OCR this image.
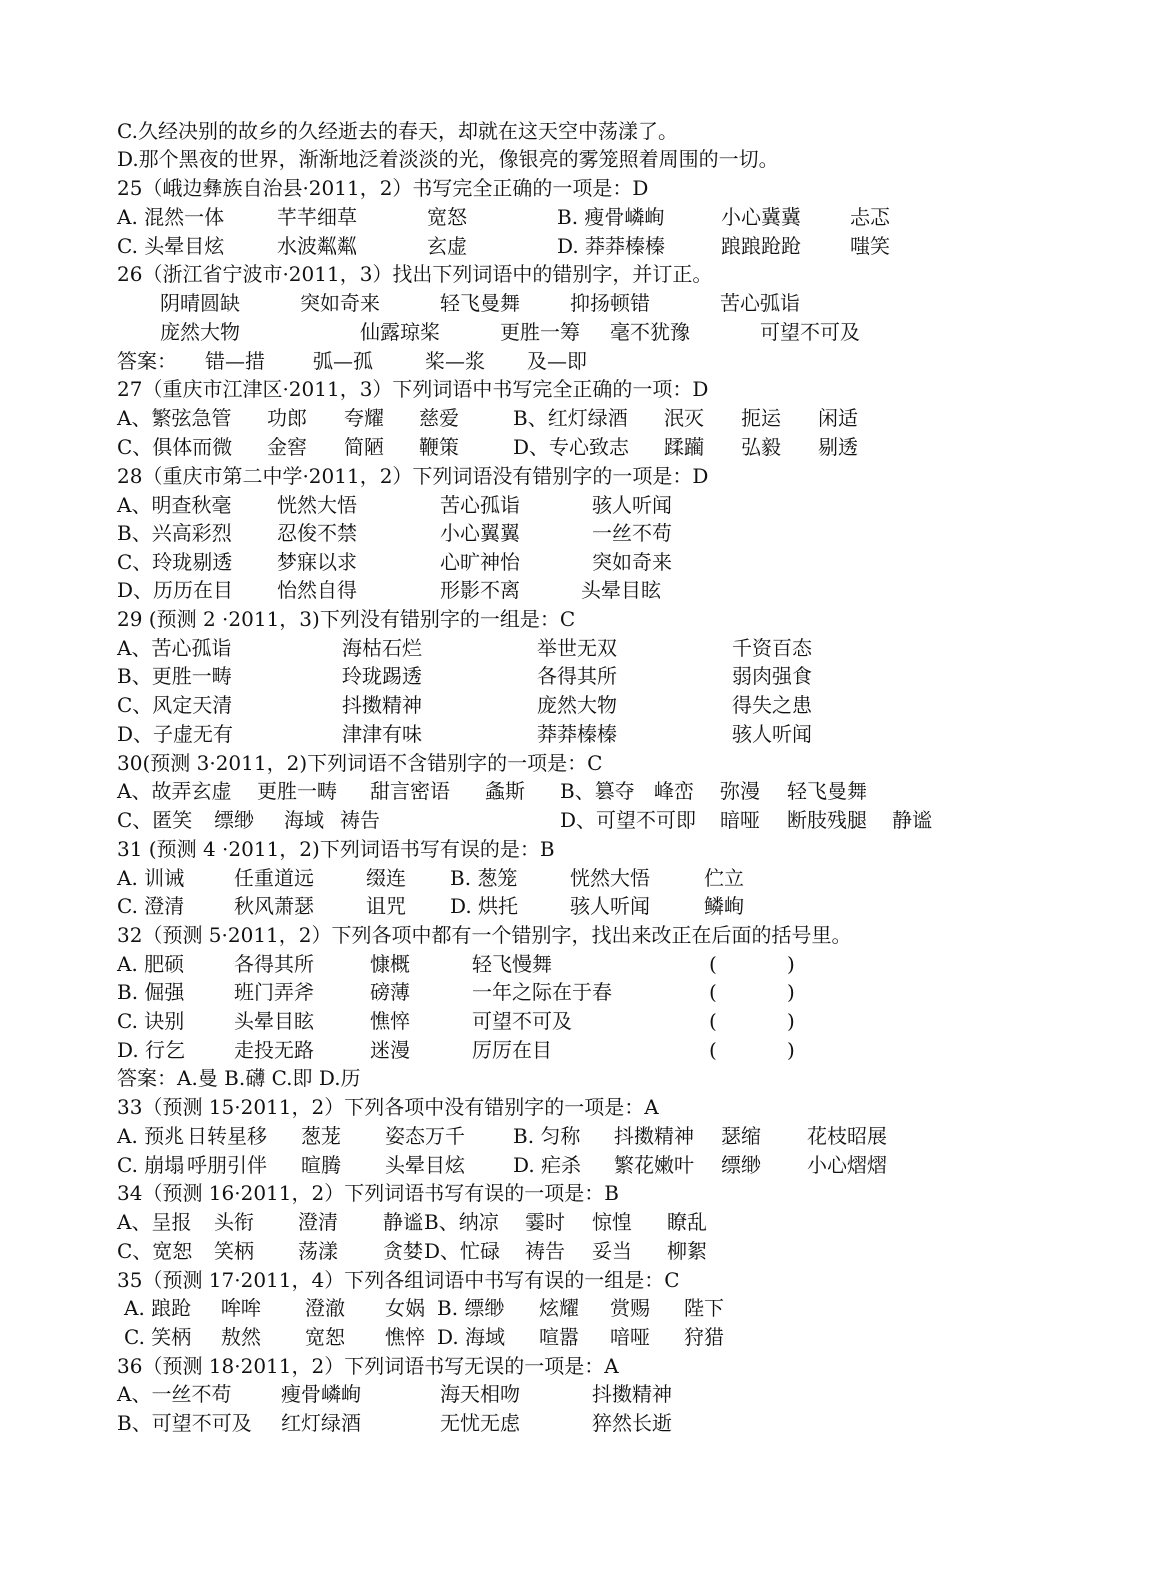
C.久经决别的故乡的久经逝去的春天，却就在这天空中荡漾了。
D.那个黑夜的世界，渐渐地泛着淡淡的光，像银亮的雾笼照着周围的一切。
25（峨边彝族自治县·2011，2）书写完全正确的一项是：D
A. 混然一体	芊芊细草	宽怒	B. 瘦骨嶙峋	小心冀冀 忐忑
C. 头晕目炫	水波粼粼	玄虚	D. 莽莽榛榛	踉踉跄跄 嗤笑
26（浙江省宁波市·2011，3）找出下列词语中的错别字，并订正。
阴晴圆缺	突如奇来	轻飞曼舞	抑扬顿错	苦心弧诣
庞然大物	仙露琼桨	更胜一筹 毫不犹豫	可望不可及
答案： 错—措 弧—孤	桨—浆 及—即
27（重庆市江津区·2011，3）下列词语中书写完全正确的一项：D
A、繁弦急管 功郎 夸耀 慈爱	B、红灯绿酒 泯灭 扼运 闲适
C、俱体而微 金窖 简陋 鞭策	D、专心致志 蹂躏 弘毅 剔透
28（重庆市第二中学·2011，2）下列词语没有错别字的一项是：D
A、明查秋毫 恍然大悟	苦心孤诣	骇人听闻
B、兴高彩烈 忍俊不禁	小心翼翼	一丝不苟
C、玲珑剔透 梦寐以求	心旷神怡	突如奇来
D、历历在目 怡然自得	形影不离	头晕目眩
29 (预测 2 ·2011，3)下列没有错别字的一组是：C
A、苦心孤诣	海枯石烂	举世无双	千资百态
B、更胜一畴	玲珑踢透	各得其所	弱肉强食
C、风定天清	抖擞精神	庞然大物	得失之患
D、子虚无有	津津有味	莽莽榛榛	骇人听闻
30(预测 3·2011，2)下列词语不含错别字的一项是：C
A、故弄玄虚 更胜一畴 甜言密语 螽斯 B、篡夺 峰峦 弥漫 轻飞曼舞
C、匿笑 缥缈 海域 祷告	D、可望不可即 暗哑 断肢残腿 静谧
31 (预测 4 ·2011，2)下列词语书写有误的是：B
A. 训诫 任重道远	缀连 B. 葱笼	恍然大悟	伫立
C. 澄清 秋风萧瑟	诅咒 D. 烘托	骇人听闻	鳞峋
32（预测 5·2011，2）下列各项中都有一个错别字，找出来改正在后面的括号里。
A. 肥硕 各得其所	慷概	轻飞慢舞	(	)
B. 倔强 班门弄斧	磅薄	一年之际在于春	(	)
C. 诀别 头晕目眩	憔悴	可望不可及	(	)
D. 行乞 走投无路	迷漫	厉厉在目	(	)
答案：A.曼 B.礴 C.即 D.历
33（预测 15·2011，2）下列各项中没有错别字的一项是：A
A. 预兆 日转星移 葱茏 姿态万千 B. 匀称 抖擞精神 瑟缩 花枝昭展
C. 崩塌 呼朋引伴 暄腾 头晕目炫 D. 疟杀 繁花嫩叶 缥缈 小心熠熠
34（预测 16·2011，2）下列词语书写有误的一项是：B
A、呈报 头衔 澄清 静谧 B、纳凉 霎时 惊惶 瞭乱
C、宽恕 笑柄 荡漾 贪婪 D、忙碌 祷告 妥当 柳絮
35（预测 17·2011，4）下列各组词语中书写有误的一组是：C
A. 踉跄 哞哞 澄澈 女娲 B. 缥缈 炫耀 赏赐 陛下
C. 笑柄 敖然 宽恕 憔悴 D. 海域 喧嚣 喑哑 狩猎
36（预测 18·2011，2）下列词语书写无误的一项是：A
A、一丝不苟 瘦骨嶙峋	海天相吻	抖擞精神
B、可望不可及 红灯绿酒	无忧无虑	猝然长逝
